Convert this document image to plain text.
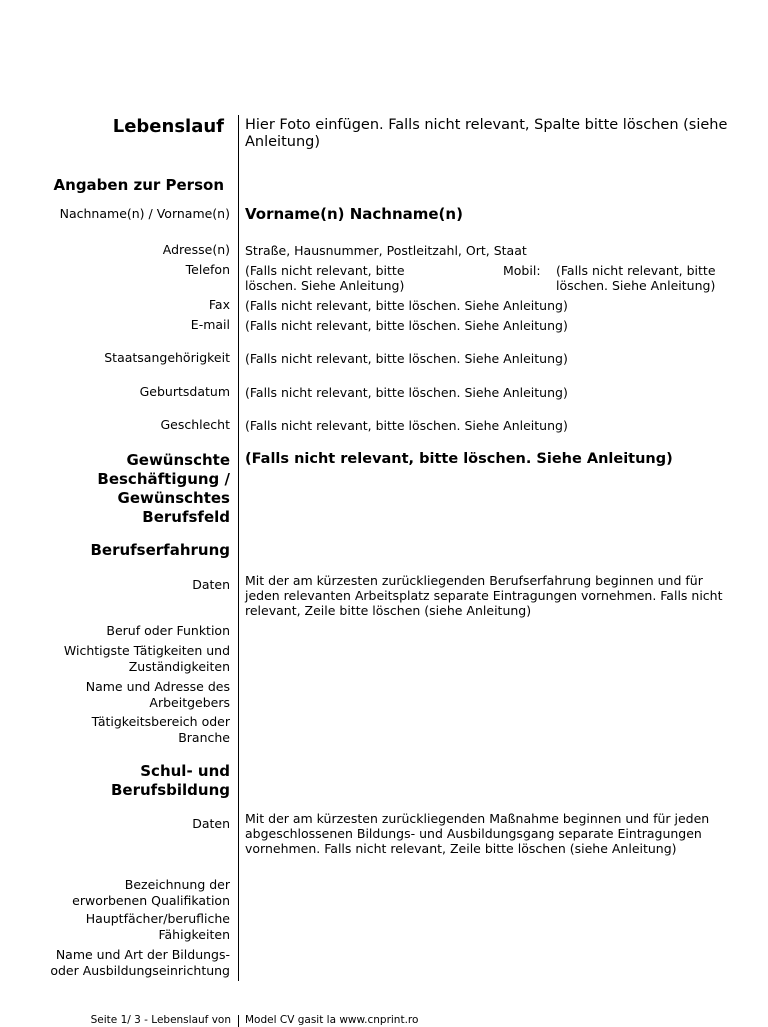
Lebenslauf Hier Foto einfügen. Falls nicht relevant, Spalte bitte löschen (siehe Anleitung)
Angaben zur Person
Nachname(n) / Vorname(n) Vorname(n) Nachname(n)
Adresse(n) Straße, Hausnummer, Postleitzahl, Ort, Staat
Telefon (Falls nicht relevant, bitte löschen. Siehe Anleitung)
Mobil: (Falls nicht relevant, bitte löschen. Siehe Anleitung)
Fax (Falls nicht relevant, bitte löschen. Siehe Anleitung)
E-mail (Falls nicht relevant, bitte löschen. Siehe Anleitung)
Staatsangehörigkeit (Falls nicht relevant, bitte löschen. Siehe Anleitung)
Geburtsdatum (Falls nicht relevant, bitte löschen. Siehe Anleitung)
Geschlecht (Falls nicht relevant, bitte löschen. Siehe Anleitung)
Gewünschte Beschäftigung / Gewünschtes Berufsfeld
(Falls nicht relevant, bitte löschen. Siehe Anleitung)
Berufserfahrung
Daten Mit der am kürzesten zurückliegenden Berufserfahrung beginnen und für jeden relevanten Arbeitsplatz separate Eintragungen vornehmen. Falls nicht relevant, Zeile bitte löschen (siehe Anleitung)
Beruf oder Funktion
Wichtigste Tätigkeiten und Zuständigkeiten
Name und Adresse des Arbeitgebers
Tätigkeitsbereich oder Branche
Schul- und Berufsbildung
Daten Mit der am kürzesten zurückliegenden Maßnahme beginnen und für jeden abgeschlossenen Bildungs- und Ausbildungsgang separate Eintragungen vornehmen. Falls nicht relevant, Zeile bitte löschen (siehe Anleitung)
Bezeichnung der erworbenen Qualifikation
Hauptfächer/berufliche Fähigkeiten
Name und Art der Bildungs- oder Ausbildungseinrichtung
Seite 1/ 3 - Lebenslauf von Model CV gasit la www.cnprint.ro
